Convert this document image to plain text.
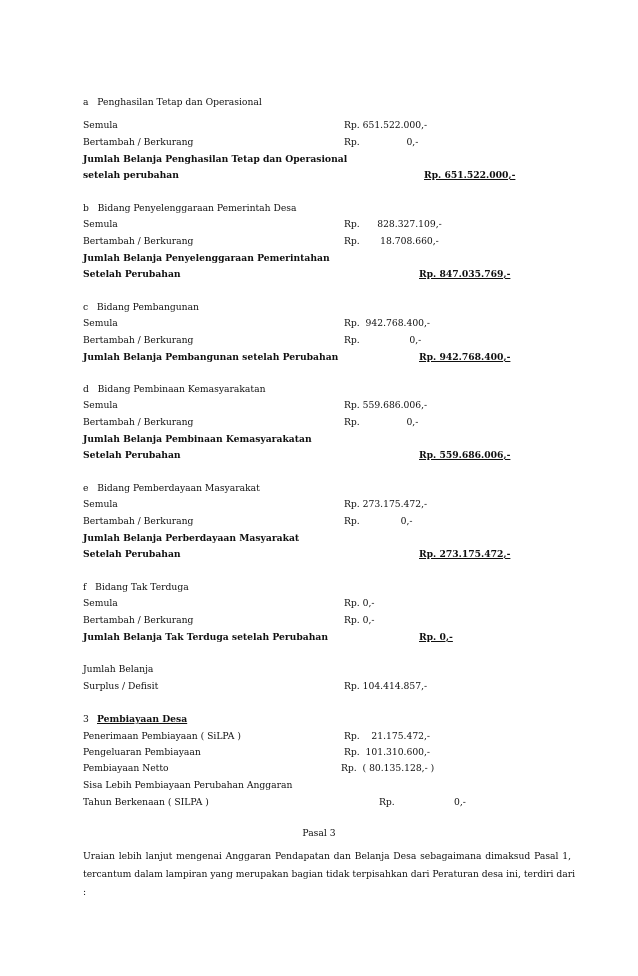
a   Penghasilan Tetap dan Operasional
Semula	Rp. 651.522.000,-
Bertambah / Berkurang	Rp.                0,-
Jumlah Belanja Penghasilan Tetap dan Operasional
setelah perubahan	Rp. 651.522.000,-
b   Bidang Penyelenggaraan Pemerintah Desa
Semula	Rp.      828.327.109,-
Bertambah / Berkurang	Rp.       18.708.660,-
Jumlah Belanja Penyelenggaraan Pemerintahan
Setelah Perubahan	Rp. 847.035.769,-
c   Bidang Pembangunan
Semula	Rp.  942.768.400,-
Bertambah / Berkurang	Rp.                 0,-
Jumlah Belanja Pembangunan setelah Perubahan	Rp. 942.768.400,-
d   Bidang Pembinaan Kemasyarakatan
Semula	Rp. 559.686.006,-
Bertambah / Berkurang	Rp.                0,-
Jumlah Belanja Pembinaan Kemasyarakatan
Setelah Perubahan	Rp. 559.686.006,-
e   Bidang Pemberdayaan Masyarakat
Semula	Rp. 273.175.472,-
Bertambah / Berkurang	Rp.              0,-
Jumlah Belanja Perberdayaan Masyarakat
Setelah Perubahan	Rp. 273.175.472,-
f   Bidang Tak Terduga
Semula	Rp. 0,-
Bertambah / Berkurang	Rp. 0,-
Jumlah Belanja Tak Terduga setelah Perubahan	Rp. 0,-
Jumlah Belanja
Surplus / Defisit	Rp. 104.414.857,-
3 Pembiayaan Desa
Penerimaan Pembiayaan ( SiLPA )	Rp.    21.175.472,-
Pengeluaran Pembiayaan	Rp.  101.310.600,-
Pembiayaan Netto	Rp.  ( 80.135.128,- )
Sisa Lebih Pembiayaan Perubahan Anggaran
Tahun Berkenaan ( SILPA )	Rp.	0,-
Pasal 3
Uraian lebih lanjut mengenai Anggaran Pendapatan dan Belanja Desa sebagaimana dimaksud Pasal 1,
tercantum dalam lampiran yang merupakan bagian tidak terpisahkan dari Peraturan desa ini, terdiri dari
:
